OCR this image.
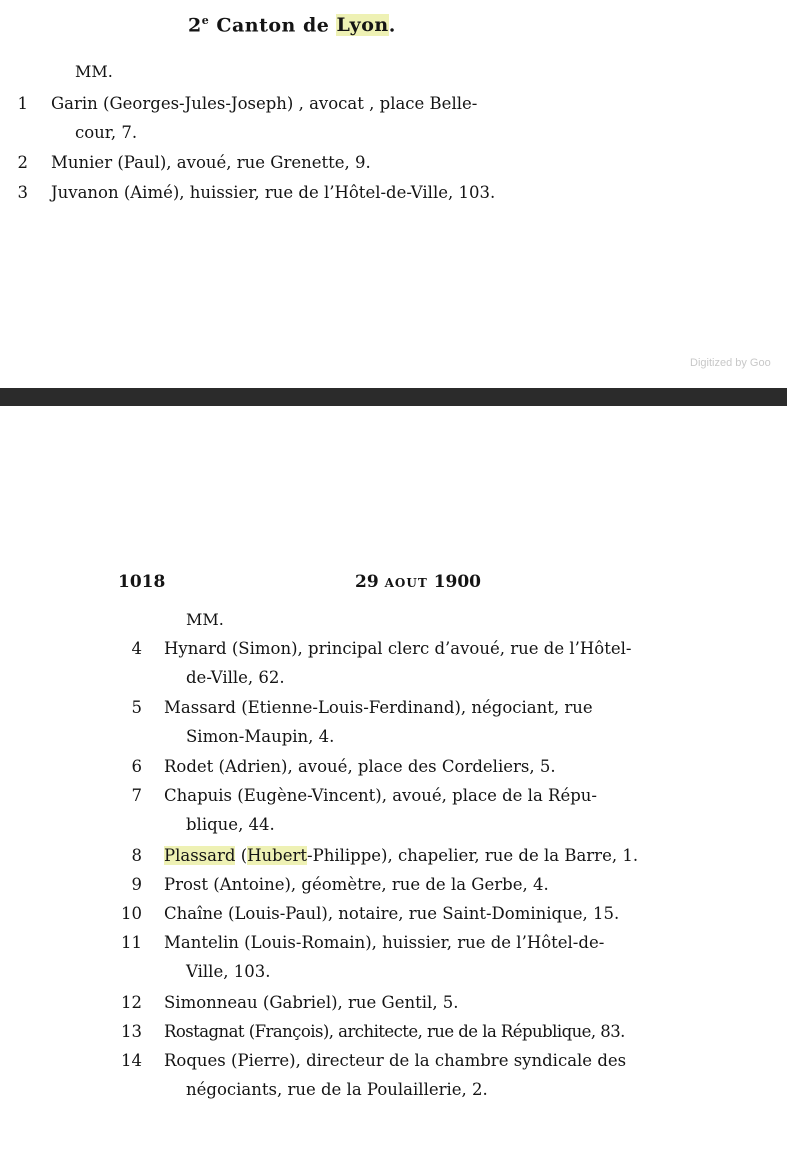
2e Canton de Lyon.
MM.
1 Garin (Georges-Jules-Joseph) , avocat , place Belle-
cour, 7.
2 Munier (Paul), avoué, rue Grenette, 9.
3 Juvanon (Aimé), huissier, rue de l’Hôtel-de-Ville, 103.
Digitized by Goo
1018	29 AOUT 1900
MM.
4 Hynard (Simon), principal clerc d’avoué, rue de l’Hôtel-
de-Ville, 62.
5 Massard (Etienne-Louis-Ferdinand), négociant, rue
Simon-Maupin, 4.
6 Rodet (Adrien), avoué, place des Cordeliers, 5.
7 Chapuis (Eugène-Vincent), avoué, place de la Répu-
blique, 44.
8 Plassard (Hubert-Philippe), chapelier, rue de la Barre, 1.
9 Prost (Antoine), géomètre, rue de la Gerbe, 4.
10 Chaîne (Louis-Paul), notaire, rue Saint-Dominique, 15.
11 Mantelin (Louis-Romain), huissier, rue de l’Hôtel-de-
Ville, 103.
12 Simonneau (Gabriel), rue Gentil, 5.
13 Rostagnat (François), architecte, rue de la République, 83.
14 Roques (Pierre), directeur de la chambre syndicale des
négociants, rue de la Poulaillerie, 2.
